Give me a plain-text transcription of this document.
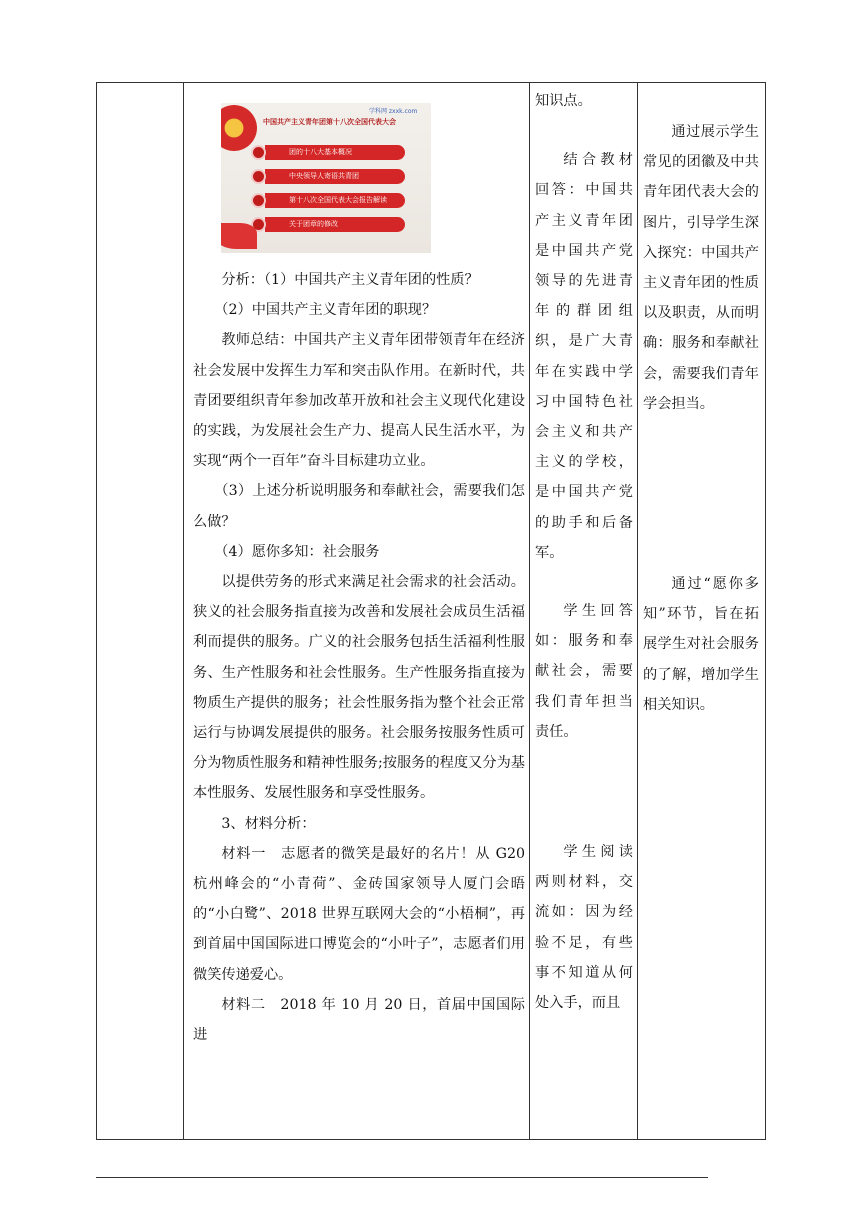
学科网 zxxk.com
中国共产主义青年团第十八次全国代表大会
团的十八大基本概况
中央领导人寄语共青团
第十八次全国代表大会报告解读
关于团章的修改

分析：（1）中国共产主义青年团的性质？

（2）中国共产主义青年团的职现？

教师总结：中国共产主义青年团带领青年在经济社会发展中发挥生力军和突击队作用。在新时代，共青团要组织青年参加改革开放和社会主义现代化建设的实践，为发展社会生产力、提高人民生活水平，为实现“两个一百年”奋斗目标建功立业。

（3）上述分析说明服务和奉献社会，需要我们怎么做？

（4）愿你多知：社会服务

以提供劳务的形式来满足社会需求的社会活动。狭义的社会服务指直接为改善和发展社会成员生活福利而提供的服务。广义的社会服务包括生活福利性服务、生产性服务和社会性服务。生产性服务指直接为物质生产提供的服务；社会性服务指为整个社会正常运行与协调发展提供的服务。社会服务按服务性质可分为物质性服务和精神性服务;按服务的程度又分为基本性服务、发展性服务和享受性服务。

3、材料分析：

材料一　志愿者的微笑是最好的名片！从 G20 杭州峰会的“小青荷”、金砖国家领导人厦门会晤的“小白鹭”、2018 世界互联网大会的“小梧桐”，再到首届中国国际进口博览会的“小叶子”，志愿者们用微笑传递爱心。

材料二　2018 年 10 月 20 日，首届中国国际进

知识点。

结合教材回答：中国共产主义青年团是中国共产党领导的先进青年的群团组织，是广大青年在实践中学习中国特色社会主义和共产主义的学校，是中国共产党的助手和后备军。

学生回答如：服务和奉献社会，需要我们青年担当责任。

学生阅读两则材料，交流如：因为经验不足，有些事不知道从何处入手，而且

通过展示学生常见的团徽及中共青年团代表大会的图片，引导学生深入探究：中国共产主义青年团的性质以及职责，从而明确：服务和奉献社会，需要我们青年学会担当。

通过“愿你多知”环节，旨在拓展学生对社会服务的了解，增加学生相关知识。
